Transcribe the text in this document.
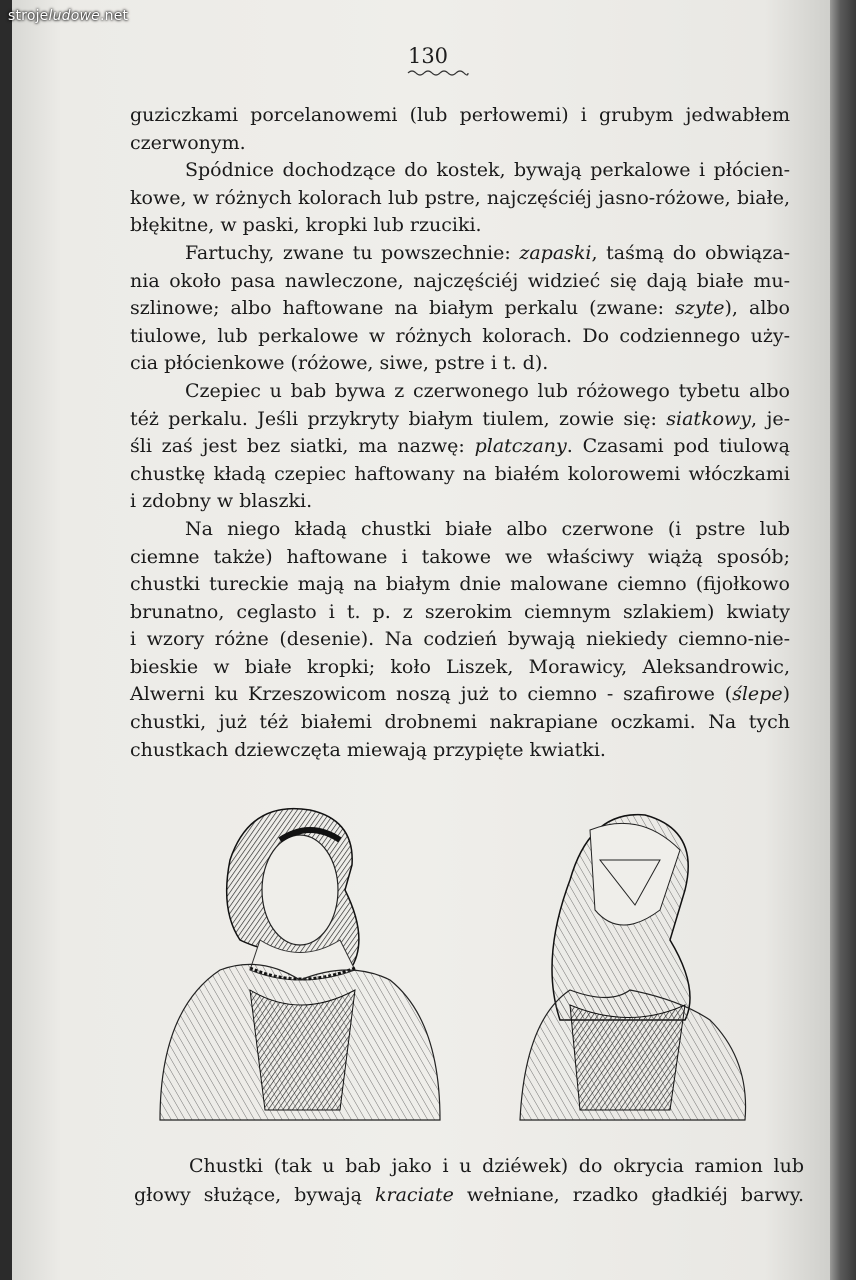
strojeludowe.net
130

guziczkami porcelanowemi (lub perłowemi) i grubym jedwabłem
czerwonym.

Spódnice dochodzące do kostek, bywają perkalowe i płócien-
kowe, w różnych kolorach lub pstre, najczęściéj jasno-różowe, białe,
błękitne, w paski, kropki lub rzuciki.

Fartuchy, zwane tu powszechnie: zapaski, taśmą do obwiąza-
nia około pasa nawleczone, najczęściéj widzieć się dają białe mu-
szlinowe; albo haftowane na białym perkalu (zwane: szyte), albo
tiulowe, lub perkalowe w różnych kolorach. Do codziennego uży-
cia płócienkowe (różowe, siwe, pstre i t. d).

Czepiec u bab bywa z czerwonego lub różowego tybetu albo
téż perkalu. Jeśli przykryty białym tiulem, zowie się: siatkowy, je-
śli zaś jest bez siatki, ma nazwę: platczany. Czasami pod tiulową
chustkę kładą czepiec haftowany na białém kolorowemi włóczkami
i zdobny w blaszki.

Na niego kładą chustki białe albo czerwone (i pstre lub
ciemne także) haftowane i takowe we właściwy wiążą sposób;
chustki tureckie mają na białym dnie malowane ciemno (fijołkowo
brunatno, ceglasto i t. p. z szerokim ciemnym szlakiem) kwiaty
i wzory różne (desenie). Na codzień bywają niekiedy ciemno-nie-
bieskie w białe kropki; koło Liszek, Morawicy, Aleksandrowic,
Alwerni ku Krzeszowicom noszą już to ciemno - szafirowe (ślepe)
chustki, już téż białemi drobnemi nakrapiane oczkami. Na tych
chustkach dziewczęta miewają przypięte kwiatki.

Chustki (tak u bab jako i u dziéwek) do okrycia ramion lub
głowy służące, bywają kraciate wełniane, rzadko gładkiéj barwy.
